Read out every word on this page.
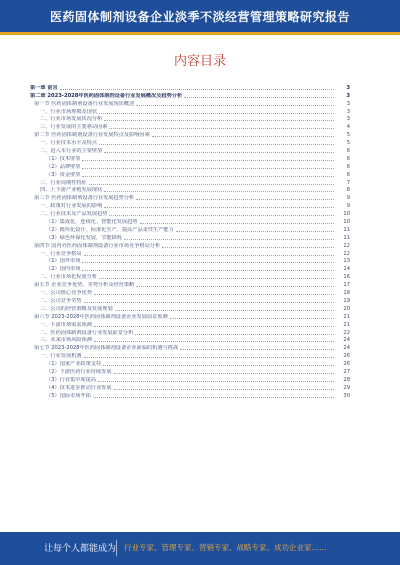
医药固体制剂设备企业淡季不淡经营管理策略研究报告
内容目录
第一章 前言	3
第二章 2023-2028年医药固体制剂设备行业发展概况及趋势分析	3
第一节 医药固体制剂设备行业发展现状概述	3
一、行业市场规模及现状	3
二、行业市场发展状况分析	3
三、行业发展的主要驱动因素	4
第二节 医药固体制剂设备行业发展特点及影响因素	5
一、行业技术水平及特点	5
二、进入本行业的主要壁垒	6
（1）技术壁垒	6
（2）品牌壁垒	6
（3）资金壁垒	6
三、行业周期性特征	7
四、上下游产业链发展现状	8
第三节 医药固体制剂设备行业发展趋势分析	9
一、政策对行业发展的影响	9
二、行业技术及产品发展趋势	10
（1）集成化、连续化、智能化发展趋势	10
（2）模块化设计、标准化生产，提高产品柔性生产能力	11
（3）绿色环保化发展，节能降耗	11
第四节 国内外医药固体制剂设备行业市场竞争格局分析	12
一、行业竞争格局	12
（1）国外市场	13
（2）国内市场	14
二、行业市场化程度分析	16
第五节 企业竞争优势、劣势分析及经营策略	17
一、公司核心竞争优势	18
二、公司竞争劣势	19
三、公司的经营策略及发展规划	20
第六节 2023-2028年医药固体制剂设备企业发展前景预测	21
一、下游市场需求预测	21
二、医药固体制剂设备行业发展前景分析	22
三、未来市场风险预测	24
第七节 2023-2028年医药固体制剂设备企业面临的机遇与挑战	24
一、行业发展机遇	26
（1）国家产业政策支持	26
（2）下游医药行业持续发展	27
（3）行业集中度提高	28
（4）技术进步推动行业发展	29
（5）国际市场开拓	30
让每个人都能成为 行业专家、管理专家、营销专家、战略专家、成功企业家……
